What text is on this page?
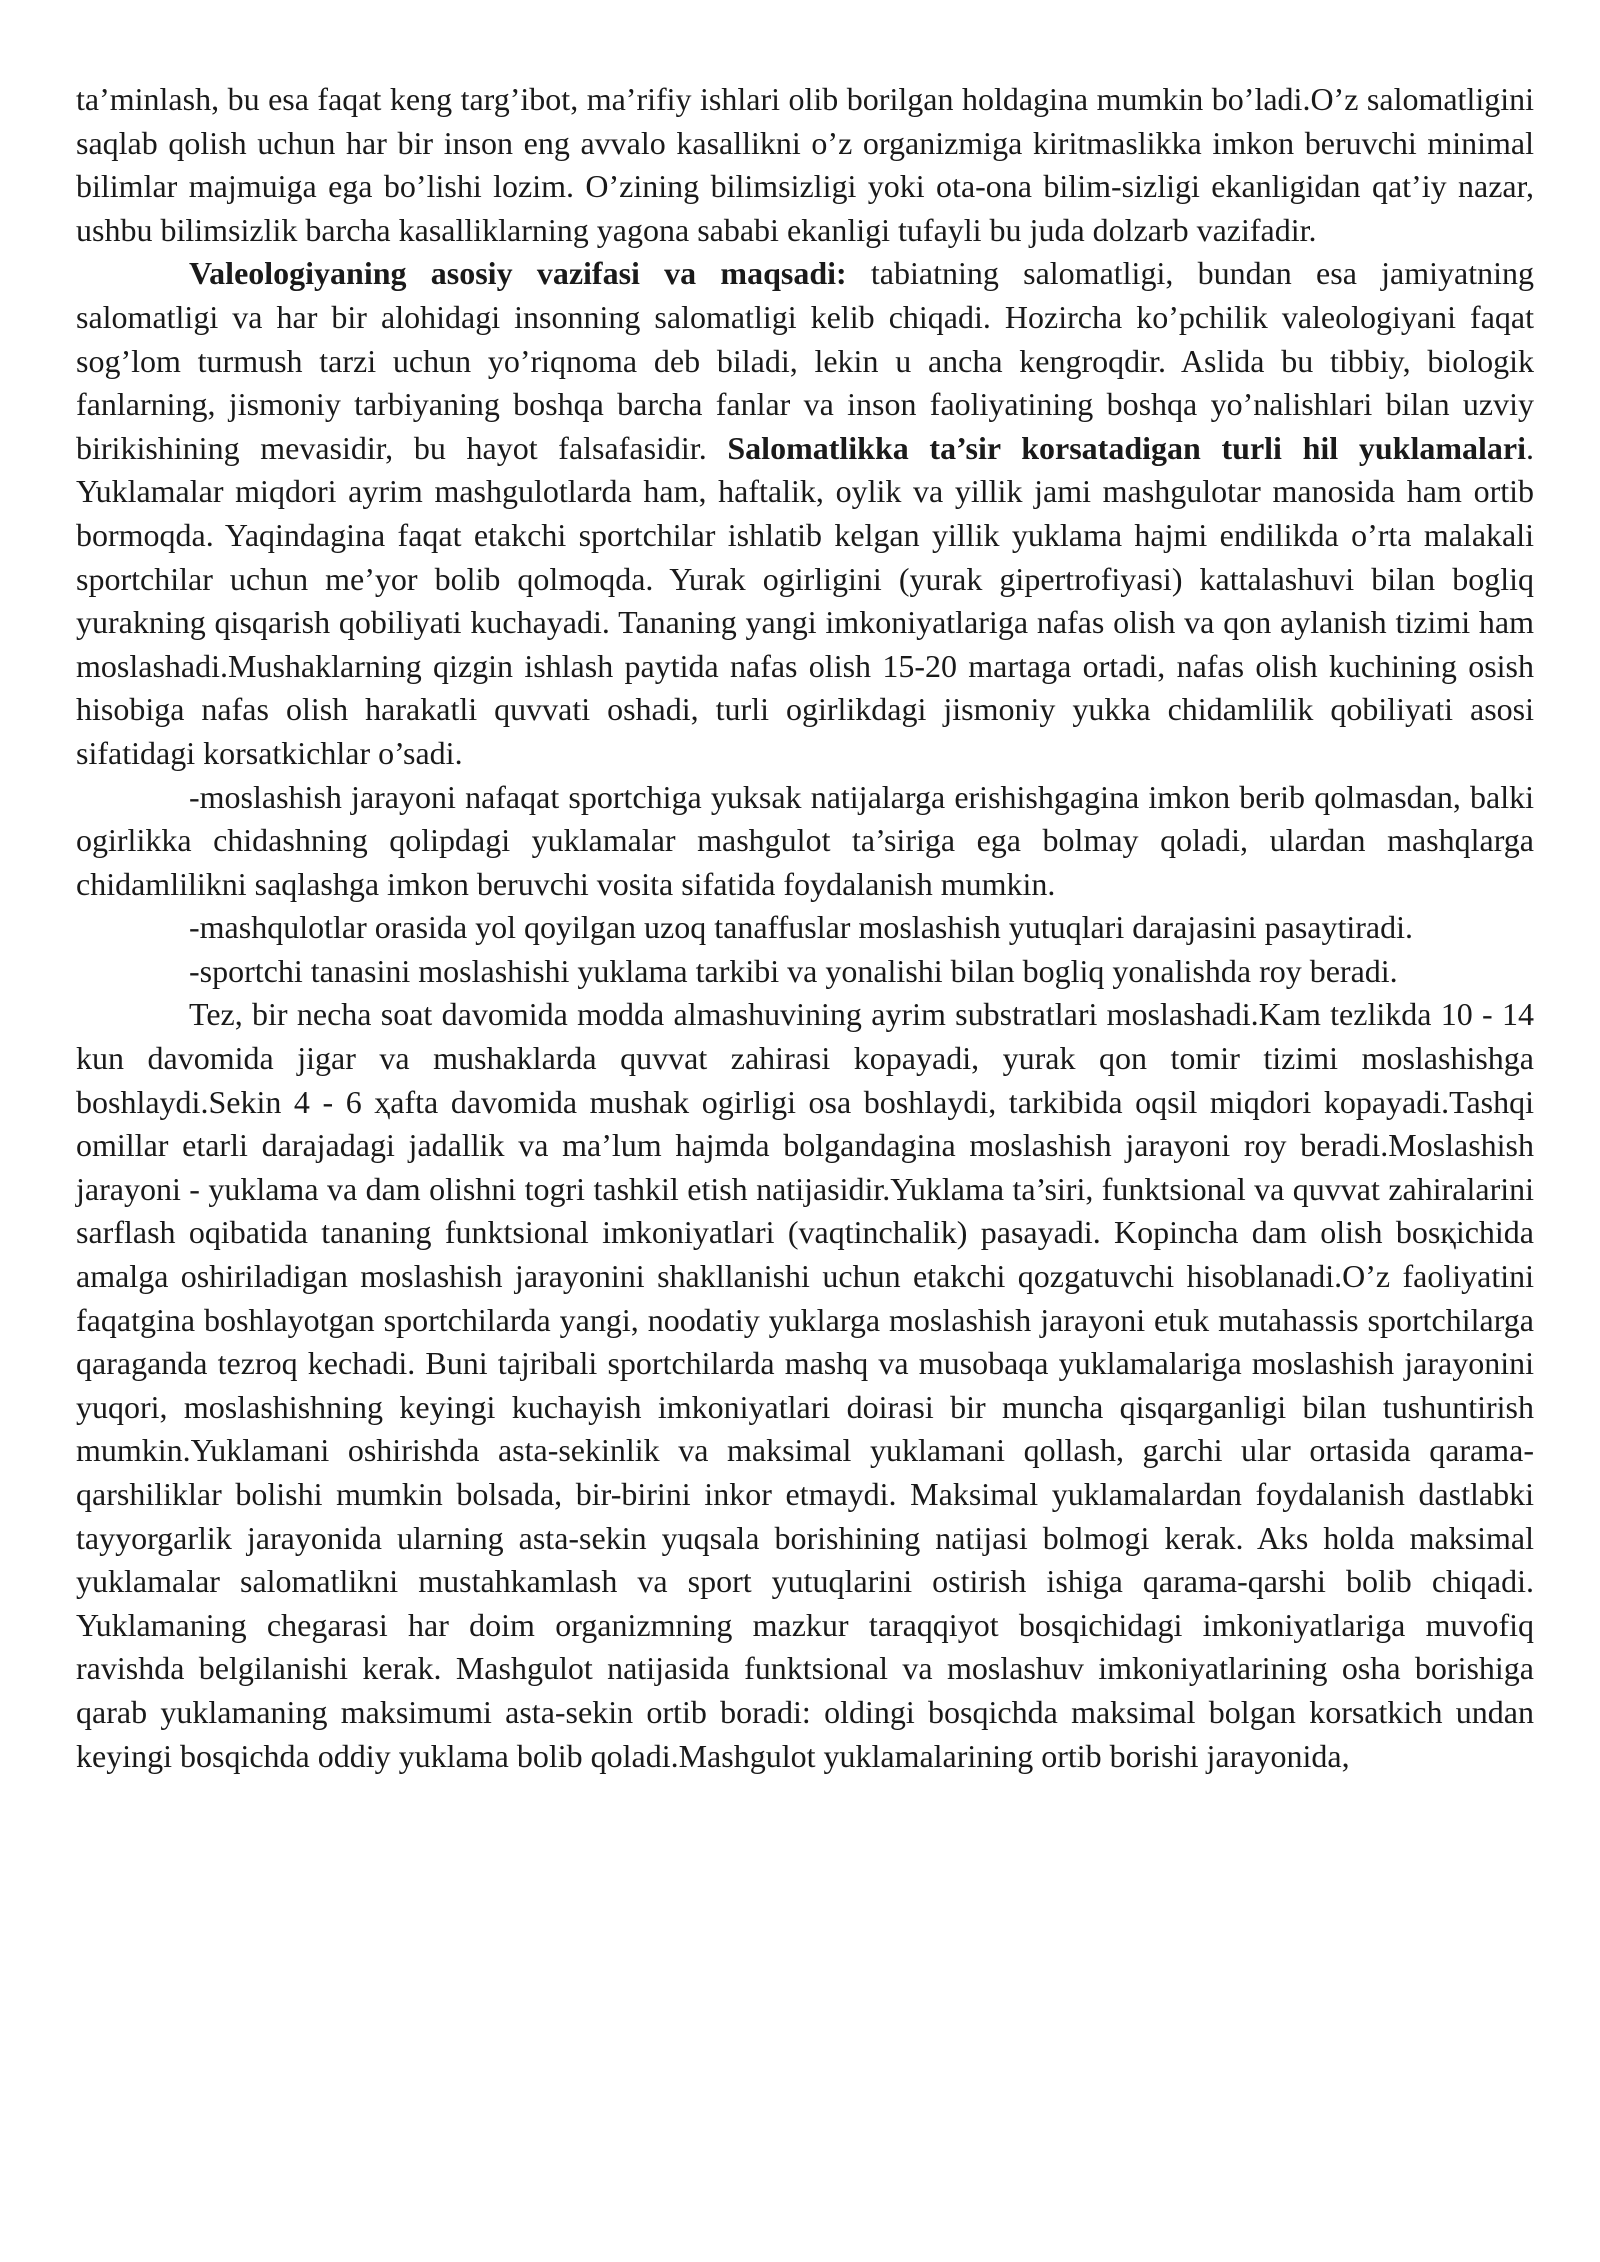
ta’minlash, bu esa faqat keng targ’ibot, ma’rifiy ishlari olib borilgan holdagina mumkin bo’ladi.O’z salomatligini saqlab qolish uchun har bir inson eng avvalo kasallikni o’z organizmiga kiritmaslikka imkon beruvchi minimal bilimlar majmuiga ega bo’lishi lozim. O’zining bilimsizligi yoki ota-ona bilim-sizligi ekanligidan qat’iy nazar, ushbu bilimsizlik barcha kasalliklarning yagona sababi ekanligi tufayli bu juda dolzarb vazifadir.

Valeologiyaning asosiy vazifasi va maqsadi: tabiatning salomatligi, bundan esa jamiyatning salomatligi va har bir alohidagi insonning salomatligi kelib chiqadi. Hozircha ko’pchilik valeologiyani faqat sog’lom turmush tarzi uchun yo’riqnoma deb biladi, lekin u ancha kengroqdir. Aslida bu tibbiy, biologik fanlarning, jismoniy tarbiyaning boshqa barcha fanlar va inson faoliyatining boshqa yo’nalishlari bilan uzviy birikishining mevasidir, bu hayot falsafasidir. Salomatlikka ta’sir korsatadigan turli hil yuklamalari. Yuklamalar miqdori ayrim mashgulotlarda ham, haftalik, oylik va yillik jami mashgulotar manosida ham ortib bormoqda. Yaqindagina faqat etakchi sportchilar ishlatib kelgan yillik yuklama hajmi endilikda o’rta malakali sportchilar uchun me’yor bolib qolmoqda. Yurak ogirligini (yurak gipertrofiyasi) kattalashuvi bilan bogliq yurakning qisqarish qobiliyati kuchayadi. Tananing yangi imkoniyatlariga nafas olish va qon aylanish tizimi ham moslashadi.Mushaklarning qizgin ishlash paytida nafas olish 15-20 martaga ortadi, nafas olish kuchining osish hisobiga nafas olish harakatli quvvati oshadi, turli ogirlikdagi jismoniy yukka chidamlilik qobiliyati asosi sifatidagi korsatkichlar o’sadi.

-moslashish jarayoni nafaqat sportchiga yuksak natijalarga erishishgagina imkon berib qolmasdan, balki ogirlikka chidashning qolipdagi yuklamalar mashgulot ta’siriga ega bolmay qoladi, ulardan mashqlarga chidamlilikni saqlashga imkon beruvchi vosita sifatida foydalanish mumkin.

-mashqulotlar orasida yol qoyilgan uzoq tanaffuslar moslashish yutuqlari darajasini pasaytiradi.

-sportchi tanasini moslashishi yuklama tarkibi va yonalishi bilan bogliq yonalishda roy beradi.

Tez, bir necha soat davomida modda almashuvining ayrim substratlari moslashadi.Kam tezlikda 10 - 14 kun davomida jigar va mushaklarda quvvat zahirasi kopayadi, yurak qon tomir tizimi moslashishga boshlaydi.Sekin 4 - 6 ҳafta davomida mushak ogirligi osa boshlaydi, tarkibida oqsil miqdori kopayadi.Tashqi omillar etarli darajadagi jadallik va ma’lum hajmda bolgandagina moslashish jarayoni roy beradi.Moslashish jarayoni - yuklama va dam olishni togri tashkil etish natijasidir.Yuklama ta’siri, funktsional va quvvat zahiralarini sarflash oqibatida tananing funktsional imkoniyatlari (vaqtinchalik) pasayadi. Kopincha dam olish bosқichida amalga oshiriladigan moslashish jarayonini shakllanishi uchun etakchi qozgatuvchi hisoblanadi.O’z faoliyatini faqatgina boshlayotgan sportchilarda yangi, noodatiy yuklarga moslashish jarayoni etuk mutahassis sportchilarga qaraganda tezroq kechadi. Buni tajribali sportchilarda mashq va musobaqa yuklamalariga moslashish jarayonini yuqori, moslashishning keyingi kuchayish imkoniyatlari doirasi bir muncha qisqarganligi bilan tushuntirish mumkin.Yuklamani oshirishda asta-sekinlik va maksimal yuklamani qollash, garchi ular ortasida qarama-qarshiliklar bolishi mumkin bolsada, bir-birini inkor etmaydi. Maksimal yuklamalardan foydalanish dastlabki tayyorgarlik jarayonida ularning asta-sekin yuqsala borishining natijasi bolmogi kerak. Aks holda maksimal yuklamalar salomatlikni mustahkamlash va sport yutuqlarini ostirish ishiga qarama-qarshi bolib chiqadi. Yuklamaning chegarasi har doim organizmning mazkur taraqqiyot bosqichidagi imkoniyatlariga muvofiq ravishda belgilanishi kerak. Mashgulot natijasida funktsional va moslashuv imkoniyatlarining osha borishiga qarab yuklamaning maksimumi asta-sekin ortib boradi: oldingi bosqichda maksimal bolgan korsatkich undan keyingi bosqichda oddiy yuklama bolib qoladi.Mashgulot yuklamalarining ortib borishi jarayonida,
